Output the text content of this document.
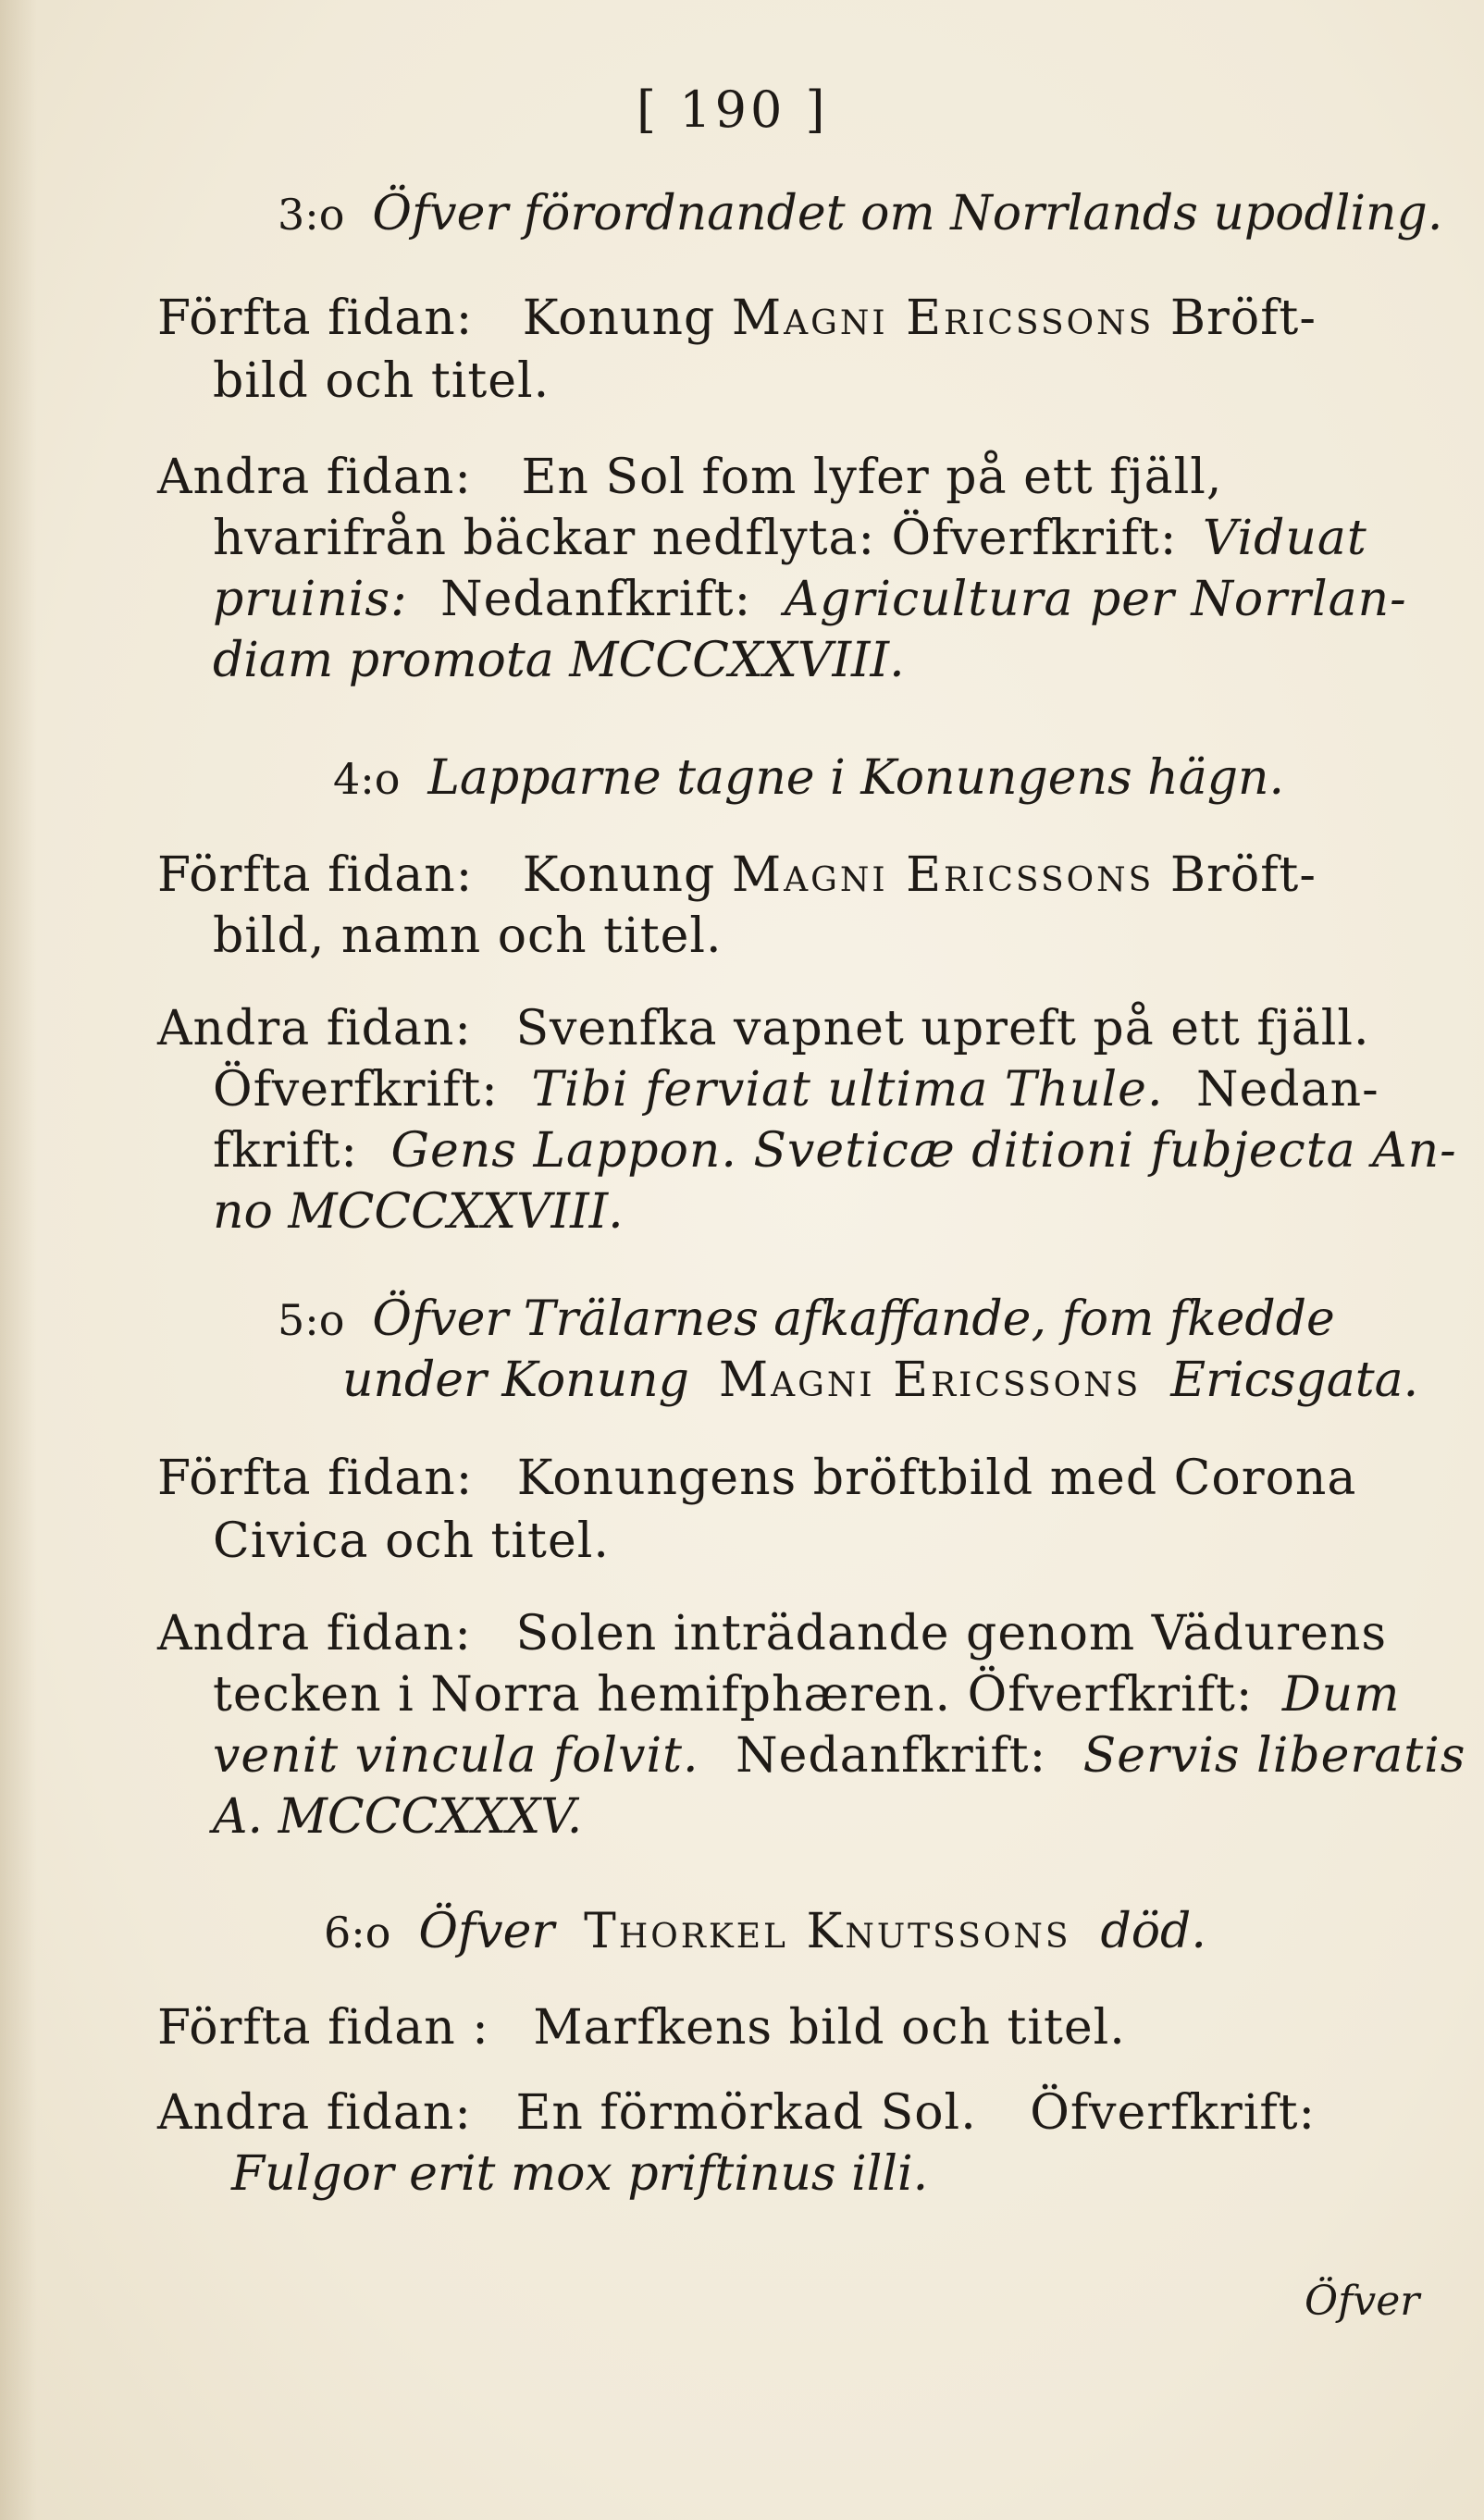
[ 190 ]
3:o Öfver förordnandet om Norrlands upodling.
Förfta fidan: Konung Magni Ericssons Bröft-
bild och titel.
Andra fidan: En Sol fom lyfer på ett fjäll,
hvarifrån bäckar nedflyta: Öfverfkrift: Viduat
pruinis: Nedanfkrift: Agricultura per Norrlan-
diam promota MCCCXXVIII.
4:o Lapparne tagne i Konungens hägn.
Förfta fidan: Konung Magni Ericssons Bröft-
bild, namn och titel.
Andra fidan: Svenfka vapnet upreft på ett fjäll.
Öfverfkrift: Tibi ferviat ultima Thule. Nedan-
fkrift: Gens Lappon. Sveticæ ditioni fubjecta An-
no MCCCXXVIII.
5:o Öfver Trälarnes afkaffande, fom fkedde
under Konung Magni Ericssons Ericsgata.
Förfta fidan: Konungens bröftbild med Corona
Civica och titel.
Andra fidan: Solen inträdande genom Vädurens
tecken i Norra hemifphæren. Öfverfkrift: Dum
venit vincula folvit. Nedanfkrift: Servis liberatis
A. MCCCXXXV.
6:o Öfver Thorkel Knutssons död.
Förfta fidan : Marfkens bild och titel.
Andra fidan: En förmörkad Sol. Öfverfkrift:
Fulgor erit mox priftinus illi.
Öfver
